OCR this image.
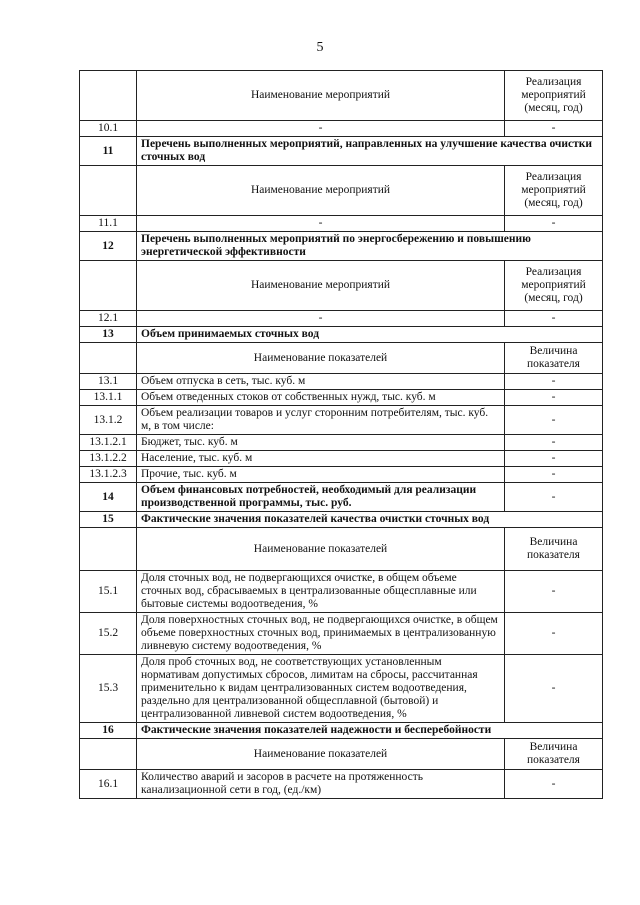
5
	Наименование мероприятий	Реализация мероприятий (месяц, год)
10.1	-	-
11	Перечень выполненных мероприятий, направленных на улучшение качества очистки сточных вод	
	Наименование мероприятий	Реализация мероприятий (месяц, год)
11.1	-	-
12	Перечень выполненных мероприятий по энергосбережению и повышению энергетической эффективности	
	Наименование мероприятий	Реализация мероприятий (месяц, год)
12.1	-	-
13	Объем принимаемых сточных вод	
	Наименование показателей	Величина показателя
13.1	Объем отпуска в сеть, тыс. куб. м	-
13.1.1	Объем отведенных стоков от собственных нужд, тыс. куб. м	-
13.1.2	Объем реализации товаров и услуг сторонним потребителям, тыс. куб. м, в том числе:	-
13.1.2.1	Бюджет, тыс. куб. м	-
13.1.2.2	Население, тыс. куб. м	-
13.1.2.3	Прочие, тыс. куб. м	-
14	Объем финансовых потребностей, необходимый для реализации производственной программы, тыс. руб.	-
15	Фактические значения показателей качества очистки сточных вод	
	Наименование показателей	Величина показателя
15.1	Доля сточных вод, не подвергающихся очистке, в общем объеме сточных вод, сбрасываемых в централизованные общесплавные или бытовые системы водоотведения, %	-
15.2	Доля поверхностных сточных вод, не подвергающихся очистке, в общем объеме поверхностных сточных вод, принимаемых в централизованную ливневую систему водоотведения, %	-
15.3	Доля проб сточных вод, не соответствующих установленным нормативам допустимых сбросов, лимитам на сбросы, рассчитанная применительно к видам централизованных систем водоотведения, раздельно для централизованной общесплавной (бытовой) и централизованной ливневой систем водоотведения, %	-
16	Фактические значения показателей надежности и бесперебойности	
	Наименование показателей	Величина показателя
16.1	Количество аварий и засоров в расчете на протяженность канализационной сети в год, (ед./км)	-
